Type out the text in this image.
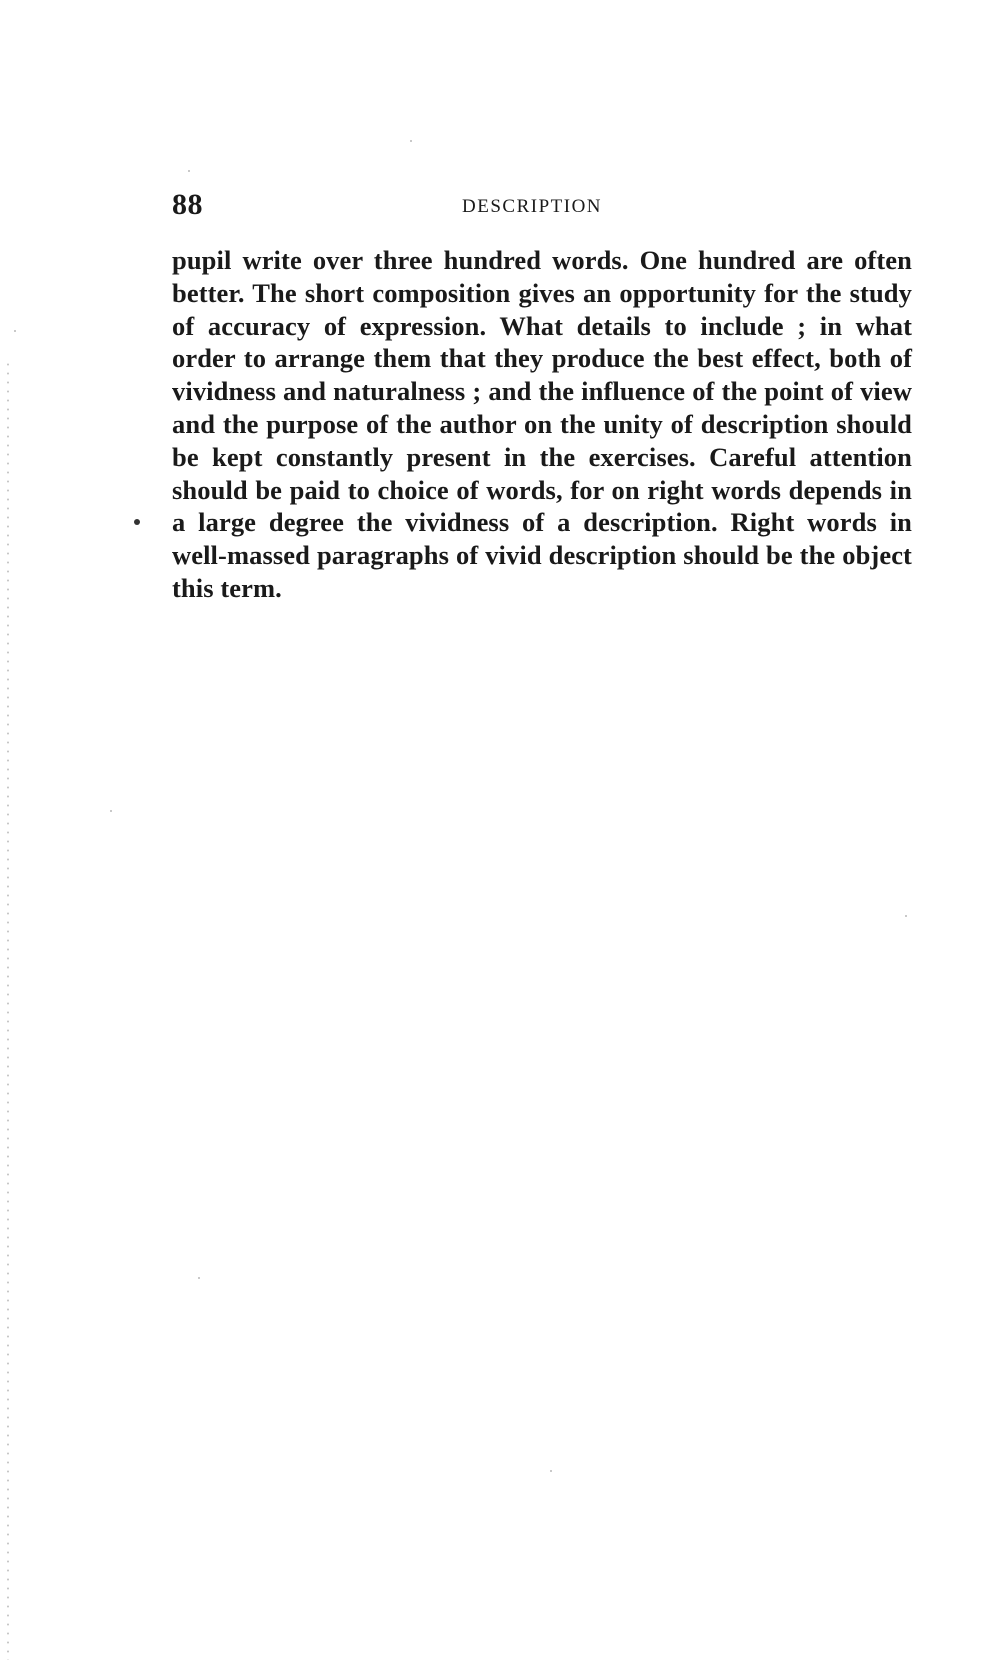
88	DESCRIPTION

pupil write over three hundred words. One hundred are often better. The short composition gives an opportunity for the study of accuracy of expression. What details to include ; in what order to arrange them that they produce the best effect, both of vividness and naturalness ; and the influence of the point of view and the purpose of the author on the unity of description should be kept constantly present in the exercises. Careful attention should be paid to choice of words, for on right words depends in a large degree the vividness of a description. Right words in well-massed paragraphs of vivid description should be the object this term.
